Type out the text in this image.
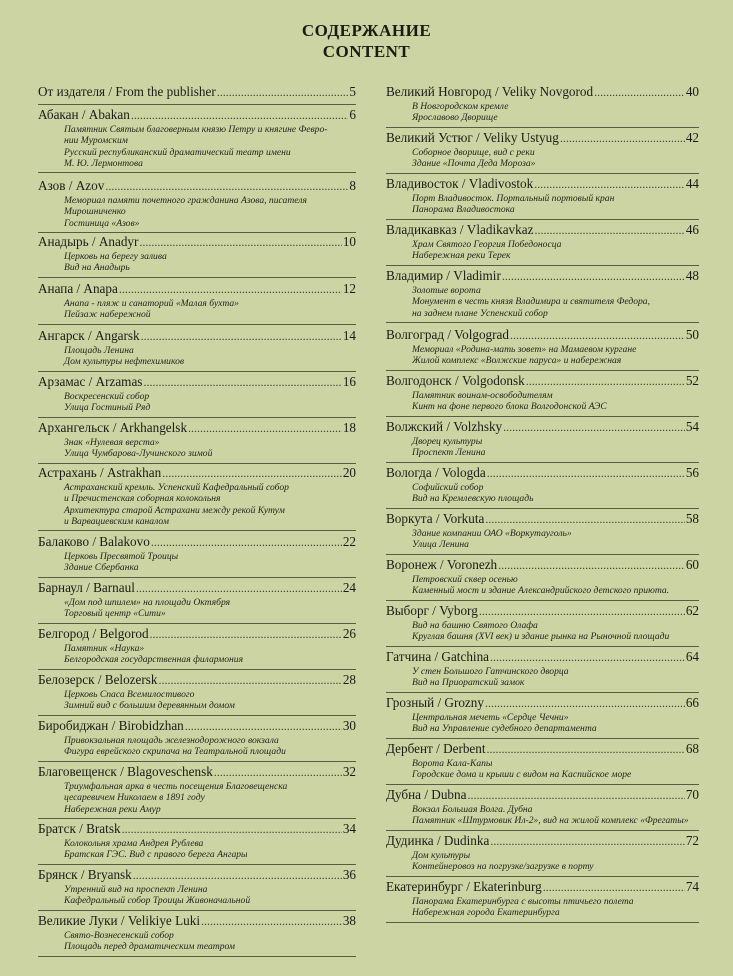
СОДЕРЖАНИЕ
CONTENT
От издателя / From the publisher .....	5
Абакан / Abakan .....	6
Памятник Святым благоверным князю Петру и княгине Февро-
нии Муромским
Русский республиканский драматический театр имени
М. Ю. Лермонтова
Азов / Azov .....	8
Мемориал памяти почетного гражданина Азова, писателя
Мирошниченко
Гостиница «Азов»
Анадырь / Anadyr .....	10
Церковь на берегу залива
Вид на Анадырь
Анапа / Anapa .....	12
Анапа - пляж и санаторий «Малая бухта»
Пейзаж набережной
Ангарск / Angarsk .....	14
Площадь Ленина
Дом культуры нефтехимиков
Арзамас / Arzamas .....	16
Воскресенский собор
Улица Гостиный Ряд
Архангельск / Arkhangelsk .....	18
Знак «Нулевая верста»
Улица Чумбарова-Лучинского зимой
Астрахань / Astrakhan .....	20
Астраханский кремль. Успенский Кафедральный собор
и Пречистенская соборная колокольня
Архитектура старой Астрахани между рекой Кутум
и Варвациевским каналом
Балаково / Balakovo .....	22
Церковь Пресвятой Троицы
Здание Сбербанка
Барнаул / Barnaul .....	24
«Дом под шпилем» на площади Октября
Торговый центр «Сити»
Белгород / Belgorod .....	26
Памятник «Наука»
Белгородская государственная филармония
Белозерск / Belozersk .....	28
Церковь Спаса Всемилостивого
Зимний вид с большим деревянным домом
Биробиджан / Birobidzhan .....	30
Привокзальная площадь железнодорожного вокзала
Фигура еврейского скрипача на Театральной площади
Благовещенск / Blagoveschensk .....	32
Триумфальная арка в честь посещения Благовещенска
цесаревичем Николаем в 1891 году
Набережная реки Амур
Братск / Bratsk .....	34
Колокольня храма Андрея Рублева
Братская ГЭС. Вид с правого берега Ангары
Брянск / Bryansk .....	36
Утренний вид на проспект Ленина
Кафедральный собор Троицы Живоначальной
Великие Луки / Velikiye Luki .....	38
Свято-Вознесенский собор
Площадь перед драматическим театром
Великий Новгород / Veliky Novgorod .....	40
В Новгородском кремле
Ярославово Дворище
Великий Устюг / Veliky Ustyug .....	42
Соборное дворище, вид с реки
Здание «Почта Деда Мороза»
Владивосток / Vladivostok .....	44
Порт Владивосток. Портальный портовый кран
Панорама Владивостока
Владикавказ / Vladikavkaz .....	46
Храм Святого Георгия Победоносца
Набережная реки Терек
Владимир / Vladimir .....	48
Золотые ворота
Монумент в честь князя Владимира и святителя Федора,
на заднем плане Успенский собор
Волгоград / Volgograd .....	50
Мемориал «Родина-мать зовет» на Мамаевом кургане
Жилой комплекс «Волжские паруса» и набережная
Волгодонск / Volgodonsk .....	52
Памятник воинам-освободителям
Кинт на фоне первого блока Волгодонской АЭС
Волжский / Volzhsky .....	54
Дворец культуры
Проспект Ленина
Вологда / Vologda .....	56
Софийский собор
Вид на Кремлевскую площадь
Воркута / Vorkuta .....	58
Здание компании ОАО «Воркутауголь»
Улица Ленина
Воронеж / Voronezh .....	60
Петровский сквер осенью
Каменный мост и здание Александрийского детского приюта.
Выборг / Vyborg .....	62
Вид на башню Святого Олафа
Круглая башня (XVI век) и здание рынка на Рыночной площади
Гатчина / Gatchina .....	64
У стен Большого Гатчинского дворца
Вид на Приоратский замок
Грозный / Grozny .....	66
Центральная мечеть «Сердце Чечни»
Вид на Управление судебного департамента
Дербент / Derbent .....	68
Ворота Кала-Капы
Городские дома и крыши с видом на Каспийское море
Дубна / Dubna .....	70
Вокзал Большая Волга. Дубна
Памятник «Штурмовик Ил-2», вид на жилой комплекс «Фрегаты»
Дудинка / Dudinka .....	72
Дом культуры
Контейнеровоз на погрузке/загрузке в порту
Екатеринбург / Ekaterinburg .....	74
Панорама Екатеринбурга с высоты птичьего полета
Набережная города Екатеринбурга
